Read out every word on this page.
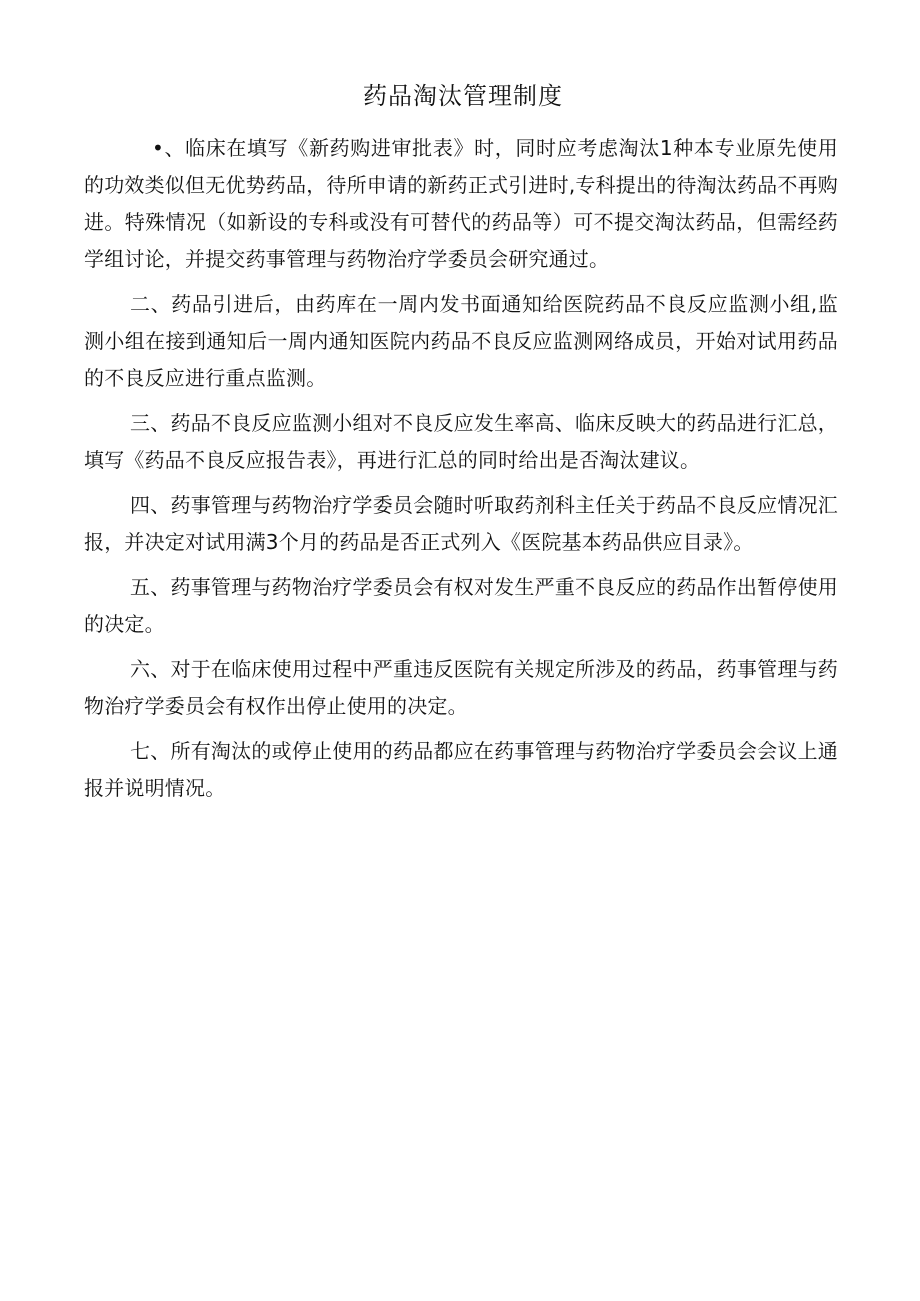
药品淘汰管理制度

•、临床在填写《新药购进审批表》时，同时应考虑淘汰1种本专业原先使用的功效类似但无优势药品，待所申请的新药正式引进时,专科提出的待淘汰药品不再购进。特殊情况（如新设的专科或没有可替代的药品等）可不提交淘汰药品，但需经药学组讨论，并提交药事管理与药物治疗学委员会研究通过。

二、药品引进后，由药库在一周内发书面通知给医院药品不良反应监测小组,监测小组在接到通知后一周内通知医院内药品不良反应监测网络成员，开始对试用药品的不良反应进行重点监测。

三、药品不良反应监测小组对不良反应发生率高、临床反映大的药品进行汇总，填写《药品不良反应报告表》，再进行汇总的同时给出是否淘汰建议。

四、药事管理与药物治疗学委员会随时听取药剂科主任关于药品不良反应情况汇报，并决定对试用满3个月的药品是否正式列入《医院基本药品供应目录》。

五、药事管理与药物治疗学委员会有权对发生严重不良反应的药品作出暂停使用的决定。

六、对于在临床使用过程中严重违反医院有关规定所涉及的药品，药事管理与药物治疗学委员会有权作出停止使用的决定。

七、所有淘汰的或停止使用的药品都应在药事管理与药物治疗学委员会会议上通报并说明情况。
